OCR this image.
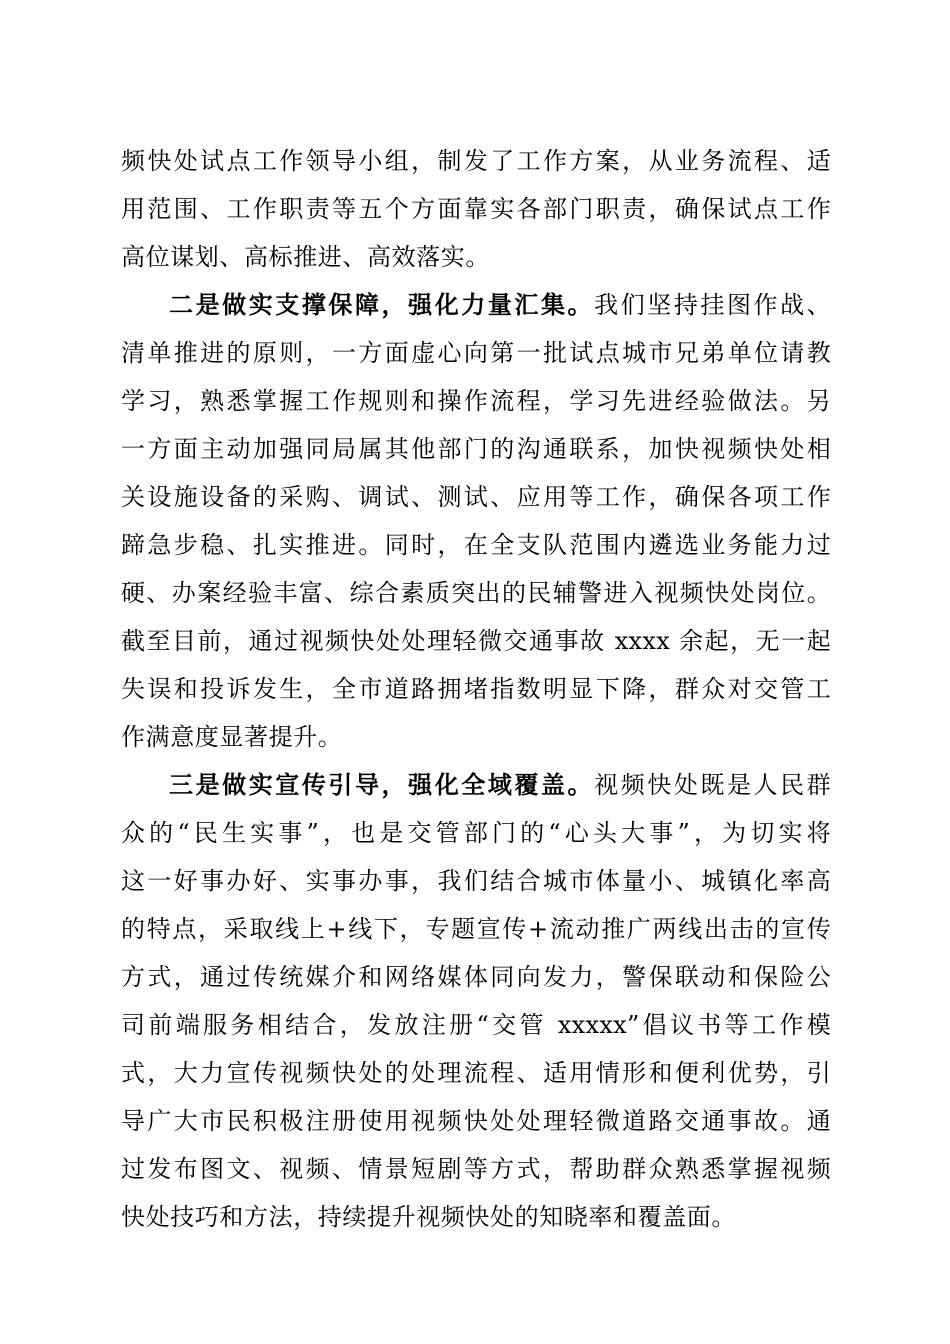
频快处试点工作领导小组，制发了工作方案，从业务流程、适
用范围、工作职责等五个方面靠实各部门职责，确保试点工作
高位谋划、高标推进、高效落实。
二是做实支撑保障，强化力量汇集。我们坚持挂图作战、
清单推进的原则，一方面虚心向第一批试点城市兄弟单位请教
学习，熟悉掌握工作规则和操作流程，学习先进经验做法。另
一方面主动加强同局属其他部门的沟通联系，加快视频快处相
关设施设备的采购、调试、测试、应用等工作，确保各项工作
蹄急步稳、扎实推进。同时，在全支队范围内遴选业务能力过
硬、办案经验丰富、综合素质突出的民辅警进入视频快处岗位。
截至目前，通过视频快处处理轻微交通事故 xxxx 余起，无一起
失误和投诉发生，全市道路拥堵指数明显下降，群众对交管工
作满意度显著提升。
三是做实宣传引导，强化全域覆盖。视频快处既是人民群
众的“民生实事”，也是交管部门的“心头大事”，为切实将
这一好事办好、实事办事，我们结合城市体量小、城镇化率高
的特点，采取线上+线下，专题宣传+流动推广两线出击的宣传
方式，通过传统媒介和网络媒体同向发力，警保联动和保险公
司前端服务相结合，发放注册“交管 xxxxx”倡议书等工作模
式，大力宣传视频快处的处理流程、适用情形和便利优势，引
导广大市民积极注册使用视频快处处理轻微道路交通事故。通
过发布图文、视频、情景短剧等方式，帮助群众熟悉掌握视频
快处技巧和方法，持续提升视频快处的知晓率和覆盖面。
